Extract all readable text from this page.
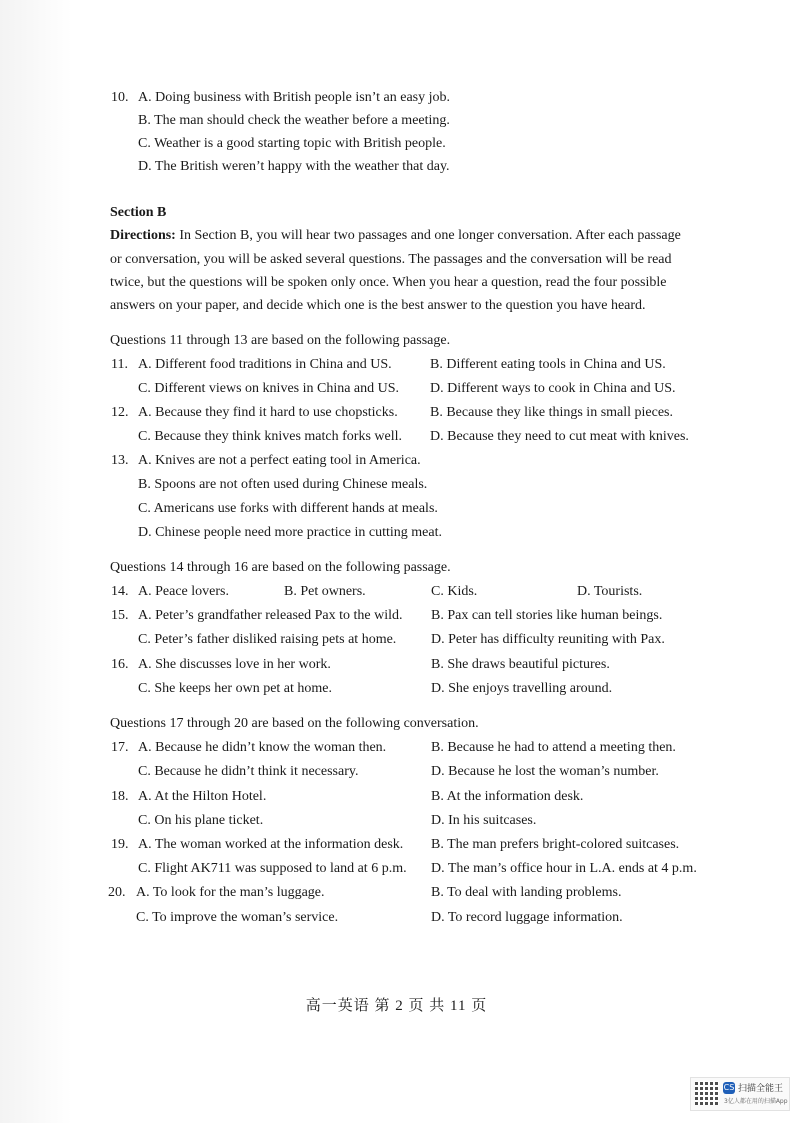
10. A. Doing business with British people isn’t an easy job.
B. The man should check the weather before a meeting.
C. Weather is a good starting topic with British people.
D. The British weren’t happy with the weather that day.
Section B
Directions: In Section B, you will hear two passages and one longer conversation. After each passage
or conversation, you will be asked several questions. The passages and the conversation will be read
twice, but the questions will be spoken only once. When you hear a question, read the four possible
answers on your paper, and decide which one is the best answer to the question you have heard.
Questions 11 through 13 are based on the following passage.
11. A. Different food traditions in China and US.	B. Different eating tools in China and US.
C. Different views on knives in China and US. D. Different ways to cook in China and US.
12. A. Because they find it hard to use chopsticks. B. Because they like things in small pieces.
C. Because they think knives match forks well. D. Because they need to cut meat with knives.
13. A. Knives are not a perfect eating tool in America.
B. Spoons are not often used during Chinese meals.
C. Americans use forks with different hands at meals.
D. Chinese people need more practice in cutting meat.
Questions 14 through 16 are based on the following passage.
14. A. Peace lovers.	B. Pet owners.	C. Kids.	D. Tourists.
15. A. Peter’s grandfather released Pax to the wild. B. Pax can tell stories like human beings.
C. Peter’s father disliked raising pets at home. D. Peter has difficulty reuniting with Pax.
16. A. She discusses love in her work.	B. She draws beautiful pictures.
C. She keeps her own pet at home.	D. She enjoys travelling around.
Questions 17 through 20 are based on the following conversation.
17. A. Because he didn’t know the woman then.	B. Because he had to attend a meeting then.
C. Because he didn’t think it necessary.	D. Because he lost the woman’s number.
18. A. At the Hilton Hotel.	B. At the information desk.
C. On his plane ticket.	D. In his suitcases.
19. A. The woman worked at the information desk. B. The man prefers bright-colored suitcases.
C. Flight AK711 was supposed to land at 6 p.m. D. The man’s office hour in L.A. ends at 4 p.m.
20. A. To look for the man’s luggage.	B. To deal with landing problems.
C. To improve the woman’s service.	D. To record luggage information.
高一英语 第 2 页 共 11 页
CS 扫描全能王
3亿人都在用的扫描App
